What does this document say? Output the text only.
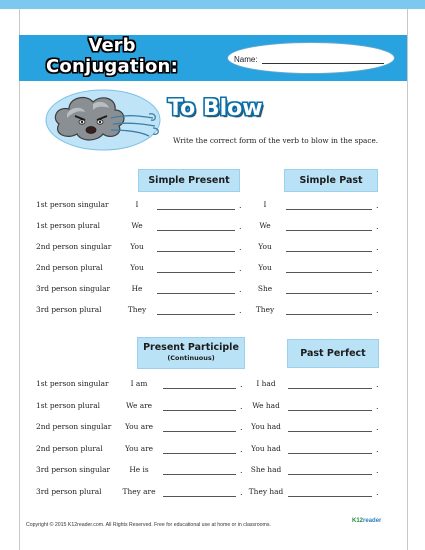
Verb
Conjugation:	Name:
To Blow
Write the correct form of the verb to blow in the space.
Simple Present	Simple Past
Present Participle
(Continuous)	Past Perfect
1st person singular	I	.	I	.
1st person plural	We	.	We	.
2nd person singular	You	.	You	.
2nd person plural	You	.	You	.
3rd person singular	He	.	She	.
3rd person plural	They	.	They	.
1st person singular	I am	.	I had	.
1st person plural	We are	.	We had	.
2nd person singular	You are	.	You had	.
2nd person plural	You are	.	You had	.
3rd person singular	He is	.	She had	.
3rd person plural	They are	. They had	.
Copyright © 2015 K12reader.com. All Rights Reserved. Free for educational use at home or in classrooms.
K12reader
